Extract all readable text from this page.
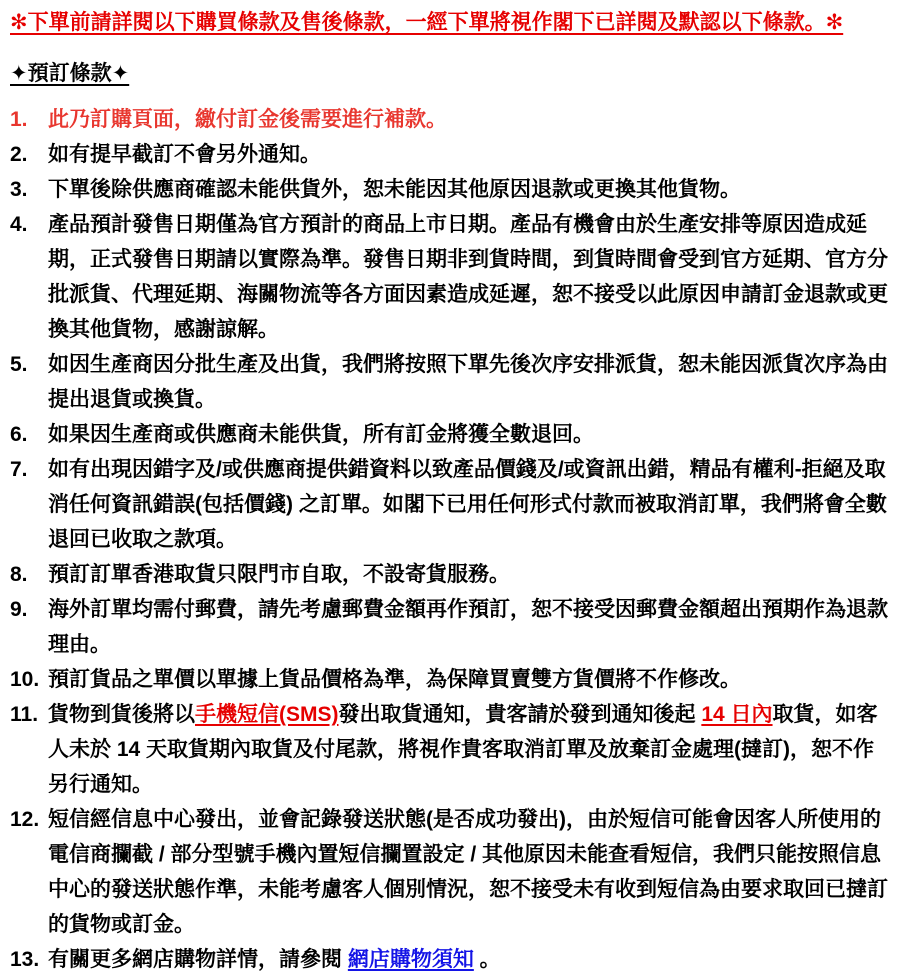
✻下單前請詳閱以下購買條款及售後條款，一經下單將視作閣下已詳閱及默認以下條款。✻
✦預訂條款✦
1. 此乃訂購頁面，繳付訂金後需要進行補款。
2. 如有提早截訂不會另外通知。
3. 下單後除供應商確認未能供貨外，恕未能因其他原因退款或更換其他貨物。
4. 產品預計發售日期僅為官方預計的商品上市日期。產品有機會由於生產安排等原因造成延期，正式發售日期請以實際為準。發售日期非到貨時間，到貨時間會受到官方延期、官方分批派貨、代理延期、海關物流等各方面因素造成延遲，恕不接受以此原因申請訂金退款或更換其他貨物，感謝諒解。
5. 如因生產商因分批生產及出貨，我們將按照下單先後次序安排派貨，恕未能因派貨次序為由提出退貨或換貨。
6. 如果因生產商或供應商未能供貨，所有訂金將獲全數退回。
7. 如有出現因錯字及/或供應商提供錯資料以致產品價錢及/或資訊出錯，精品有權利-拒絕及取消任何資訊錯誤(包括價錢) 之訂單。如閣下已用任何形式付款而被取消訂單，我們將會全數退回已收取之款項。
8. 預訂訂單香港取貨只限門市自取，不設寄貨服務。
9. 海外訂單均需付郵費，請先考慮郵費金額再作預訂，恕不接受因郵費金額超出預期作為退款理由。
10. 預訂貨品之單價以單據上貨品價格為準，為保障買賣雙方貨價將不作修改。
11. 貨物到貨後將以手機短信(SMS)發出取貨通知，貴客請於發到通知後起 14 日內取貨，如客人未於 14 天取貨期內取貨及付尾款，將視作貴客取消訂單及放棄訂金處理(撻訂)，恕不作另行通知。
12. 短信經信息中心發出，並會記錄發送狀態(是否成功發出)，由於短信可能會因客人所使用的電信商攔截 / 部分型號手機內置短信攔置設定 / 其他原因未能查看短信，我們只能按照信息中心的發送狀態作準，未能考慮客人個別情況，恕不接受未有收到短信為由要求取回已撻訂的貨物或訂金。
13. 有關更多網店購物詳情，請參閱 網店購物須知 。
